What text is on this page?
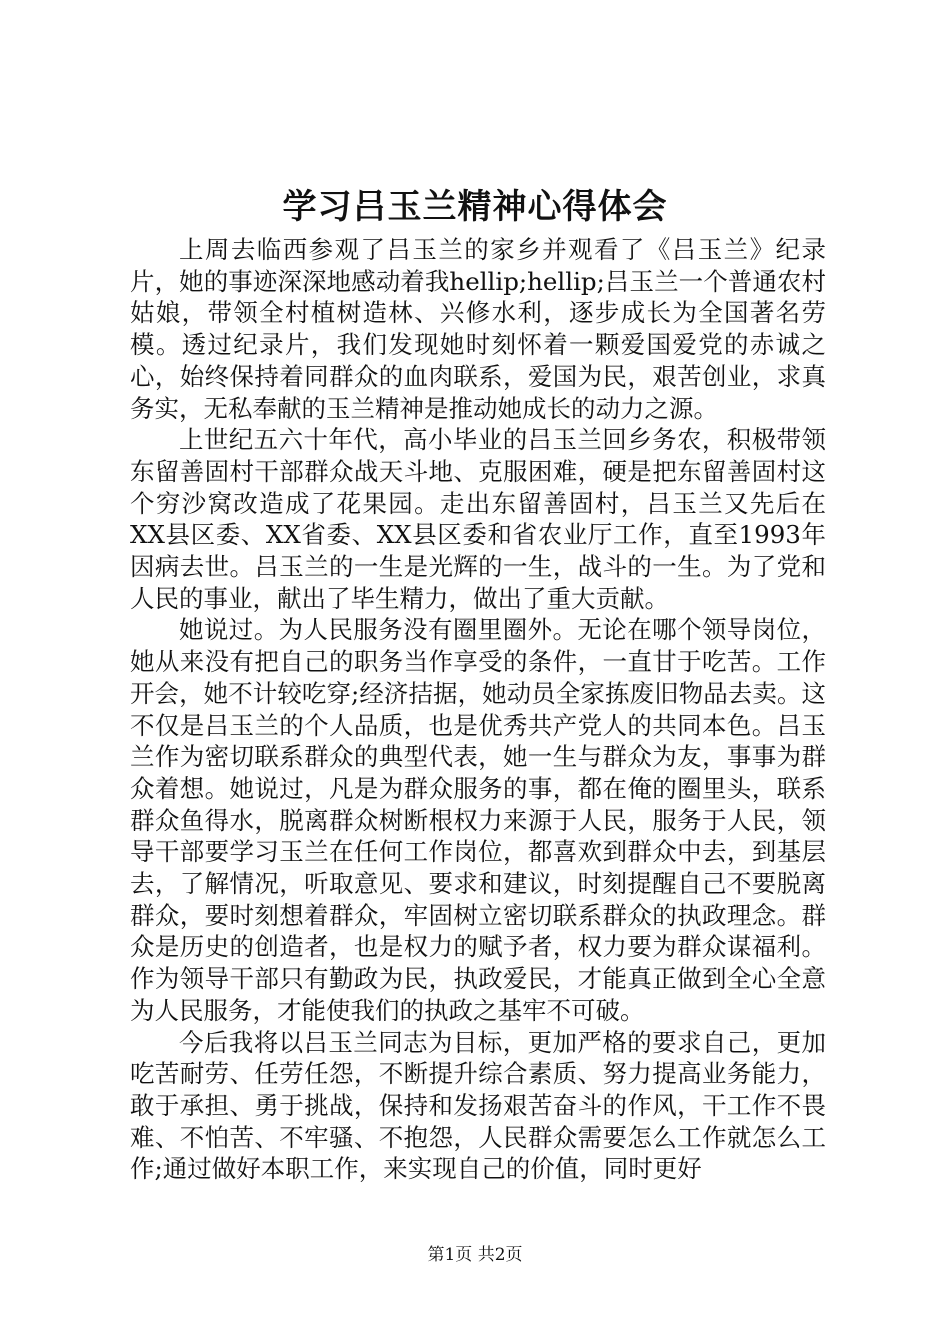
学习吕玉兰精神心得体会

上周去临西参观了吕玉兰的家乡并观看了《吕玉兰》纪录片，她的事迹深深地感动着我hellip;hellip;吕玉兰一个普通农村姑娘，带领全村植树造林、兴修水利，逐步成长为全国著名劳模。透过纪录片，我们发现她时刻怀着一颗爱国爱党的赤诚之心，始终保持着同群众的血肉联系，爱国为民，艰苦创业，求真务实，无私奉献的玉兰精神是推动她成长的动力之源。

上世纪五六十年代，高小毕业的吕玉兰回乡务农，积极带领东留善固村干部群众战天斗地、克服困难，硬是把东留善固村这个穷沙窝改造成了花果园。走出东留善固村，吕玉兰又先后在XX县区委、XX省委、XX县区委和省农业厅工作，直至1993年因病去世。吕玉兰的一生是光辉的一生，战斗的一生。为了党和人民的事业，献出了毕生精力，做出了重大贡献。

她说过。为人民服务没有圈里圈外。无论在哪个领导岗位，她从来没有把自己的职务当作享受的条件，一直甘于吃苦。工作开会，她不计较吃穿;经济拮据，她动员全家拣废旧物品去卖。这不仅是吕玉兰的个人品质，也是优秀共产党人的共同本色。吕玉兰作为密切联系群众的典型代表，她一生与群众为友，事事为群众着想。她说过，凡是为群众服务的事，都在俺的圈里头，联系群众鱼得水，脱离群众树断根权力来源于人民，服务于人民，领导干部要学习玉兰在任何工作岗位，都喜欢到群众中去，到基层去，了解情况，听取意见、要求和建议，时刻提醒自己不要脱离群众，要时刻想着群众，牢固树立密切联系群众的执政理念。群众是历史的创造者，也是权力的赋予者，权力要为群众谋福利。作为领导干部只有勤政为民，执政爱民，才能真正做到全心全意为人民服务，才能使我们的执政之基牢不可破。

今后我将以吕玉兰同志为目标，更加严格的要求自己，更加吃苦耐劳、任劳任怨，不断提升综合素质、努力提高业务能力，敢于承担、勇于挑战，保持和发扬艰苦奋斗的作风，干工作不畏难、不怕苦、不牢骚、不抱怨，人民群众需要怎么工作就怎么工作;通过做好本职工作，来实现自己的价值，同时更好

第1页 共2页
